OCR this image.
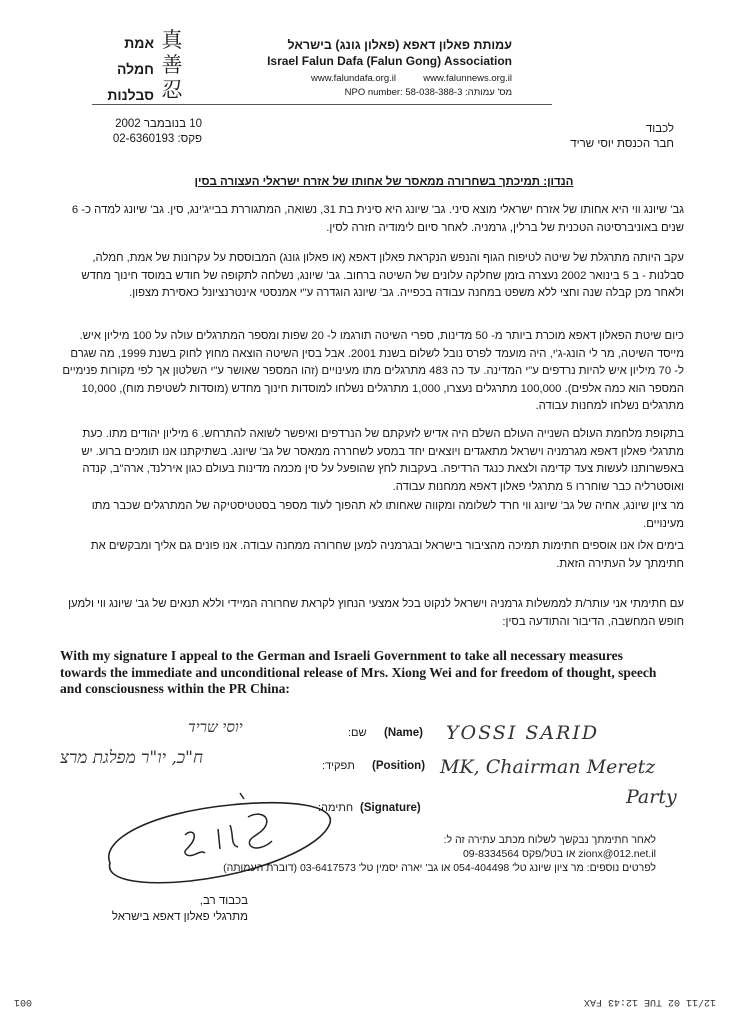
עמותת פאלון דאפא (פאלון גונג) בישראל
Israel Falun Dafa (Falun Gong) Association
www.falundafa.org.il	www.falunnews.org.il
NPO number: 58-038-388-3 :מס' עמותה
אמת
חמלה
סבלנות
真
善
忍
10 בנובמבר 2002
פקס: 02-6360193
לכבוד
חבר הכנסת יוסי שריד
הנדון: תמיכתך בשחרורה ממאסר של אחותו של אזרח ישראלי העצורה בסין
גב' שיונג ווי היא אחותו של אזרח ישראלי מוצא סיני. גב' שיונג היא סינית בת 31, נשואה, המתגוררת בבייג'ינג, סין. גב' שיונג למדה כ- 6 שנים באוניברסיטה הטכנית של ברלין, גרמניה. לאחר סיום לימודיה חזרה לסין.
עקב היותה מתרגלת של שיטה לטיפוח הגוף והנפש הנקראת פאלון דאפא (או פאלון גונג) המבוססת על עקרונות של אמת, חמלה, סבלנות - ב 5 בינואר 2002 נעצרה בזמן שחלקה עלונים של השיטה ברחוב. גב' שיונג, נשלחה לתקופה של חודש במוסד חינוך מחדש ולאחר מכן קבלה שנה וחצי ללא משפט במחנה עבודה בכפייה. גב' שיונג הוגדרה ע"י אמנסטי אינטרנציונל כאסירת מצפון.
כיום שיטת הפאלון דאפא מוכרת ביותר מ- 50 מדינות, ספרי השיטה תורגמו ל- 20 שפות ומספר המתרגלים עולה על 100 מיליון איש. מייסד השיטה, מר לי הונג-ג'י, היה מועמד לפרס נובל לשלום בשנת 2001. אבל בסין השיטה הוצאה מחוץ לחוק בשנת 1999, מה שגרם ל- 70 מיליון איש להיות נרדפים ע"י המדינה. עד כה 483 מתרגלים מתו מעינויים (זהו המספר שאושר ע"י השלטון אך לפי מקורות פנימיים המספר הוא כמה אלפים). 100,000 מתרגלים נעצרו, 1,000 מתרגלים נשלחו למוסדות חינוך מחדש (מוסדות לשטיפת מוח), 10,000 מתרגלים נשלחו למחנות עבודה.
בתקופת מלחמת העולם השנייה העולם השלם היה אדיש לזעקתם של הנרדפים ואיפשר לשואה להתרחש. 6 מיליון יהודים מתו. כעת מתרגלי פאלון דאפא מגרמניה וישראל מתאגדים ויוצאים יחד במסע לשחררה ממאסר של גב' שיונג. בשתיקתנו אנו תומכים ברוע. יש באפשרותנו לעשות צעד קדימה ולצאת כנגד הרדיפה. בעקבות לחץ שהופעל על סין מכמה מדינות בעולם כגון אירלנד, ארה"ב, קנדה ואוסטרליה כבר שוחררו 5 מתרגלי פאלון דאפא ממחנות עבודה.
מר ציון שיונג, אחיה של גב' שיונג ווי חרד לשלומה ומקווה שאחותו לא תהפוך לעוד מספר בסטטיסטיקה של המתרגלים שכבר מתו מעינויים.
בימים אלו אנו אוספים חתימות תמיכה מהציבור בישראל ובגרמניה למען שחרורה ממחנה עבודה. אנו פונים גם אליך ומבקשים את חתימתך על העתירה הזאת.
עם חתימתי אני עותר/ת לממשלות גרמניה וישראל לנקוט בכל אמצעי הנחוץ לקראת שחרורה המיידי וללא תנאים של גב' שיונג ווי ולמען חופש המחשבה, הדיבור והתודעה בסין:
With my signature I appeal to the German and Israeli Government to take all necessary measures towards the immediate and unconditional release of Mrs. Xiong Wei and for freedom of thought, speech and consciousness within the PR China:
יוסי שריד	שם: (Name) YOSSI SARID
ח"כ, יו"ר מפלגת מרצ	תפקיד: (Position) MK, Chairman Meretz
Party
חתימה: (Signature)
לאחר חתימתך נבקשך לשלוח מכתב עתירה זה ל:
zionx@012.net.il או בטל/פקס 09-8334564
לפרטים נוספים: מר ציון שיונג טל' 054-404498 או גב' יארה יסמין טל' 03-6417573 (דוברת העמותה)
בכבוד רב,
מתרגלי פאלון דאפא בישראל
001	12/11 02 TUE 12:43 FAX
